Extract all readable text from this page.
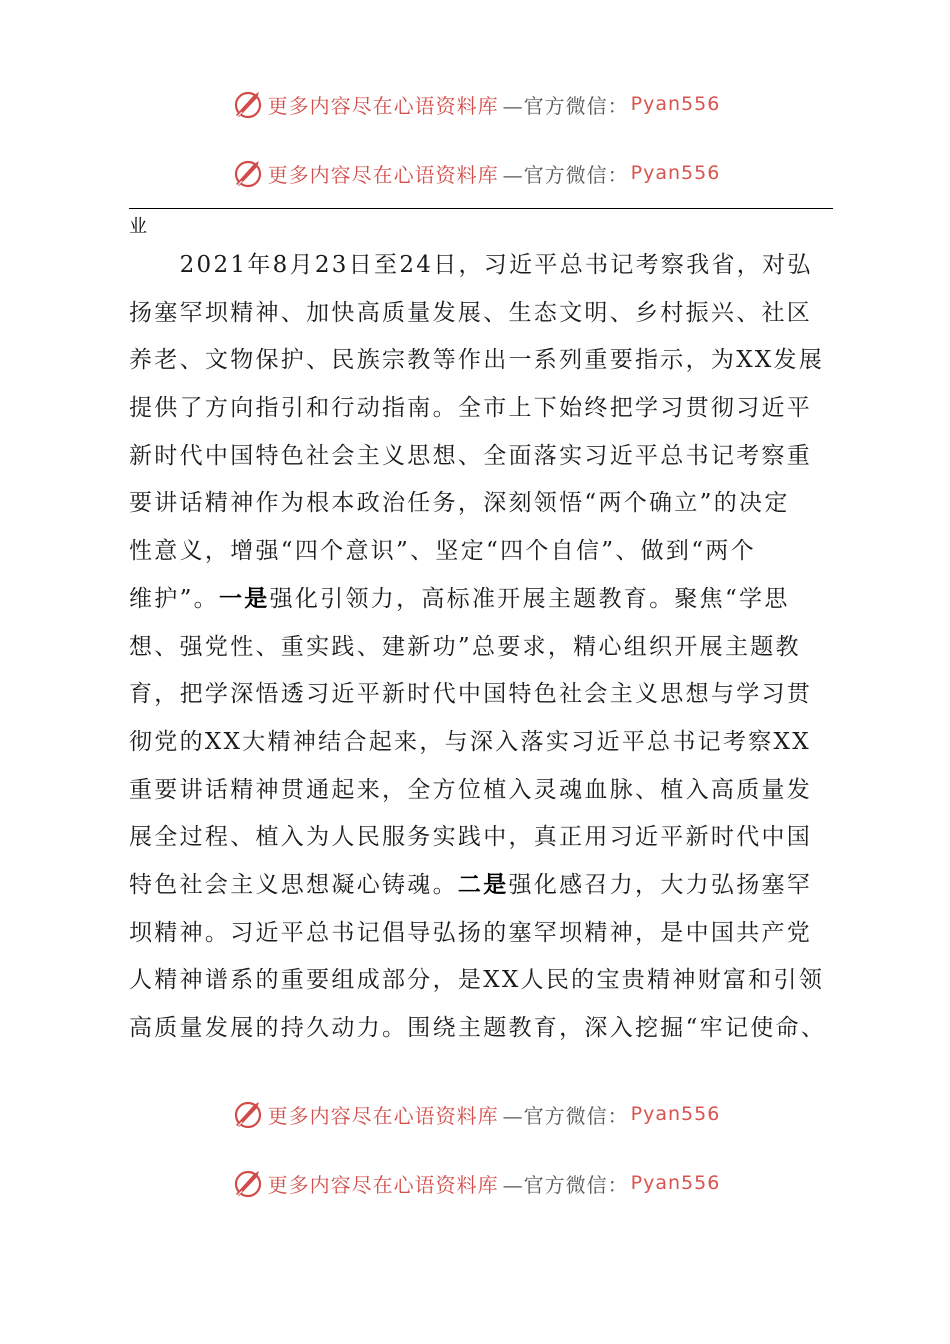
更多内容尽在心语资料库 —官方微信： Pyan556
更多内容尽在心语资料库 —官方微信： Pyan556
业
　　2021年8月23日至24日，习近平总书记考察我省，对弘
扬塞罕坝精神、加快高质量发展、生态文明、乡村振兴、社区
养老、文物保护、民族宗教等作出一系列重要指示，为XX发展
提供了方向指引和行动指南。全市上下始终把学习贯彻习近平
新时代中国特色社会主义思想、全面落实习近平总书记考察重
要讲话精神作为根本政治任务，深刻领悟“两个确立”的决定
性意义，增强“四个意识”、坚定“四个自信”、做到“两个
维护”。一是强化引领力，高标准开展主题教育。聚焦“学思
想、强党性、重实践、建新功”总要求，精心组织开展主题教
育，把学深悟透习近平新时代中国特色社会主义思想与学习贯
彻党的XX大精神结合起来，与深入落实习近平总书记考察XX
重要讲话精神贯通起来，全方位植入灵魂血脉、植入高质量发
展全过程、植入为人民服务实践中，真正用习近平新时代中国
特色社会主义思想凝心铸魂。二是强化感召力，大力弘扬塞罕
坝精神。习近平总书记倡导弘扬的塞罕坝精神，是中国共产党
人精神谱系的重要组成部分，是XX人民的宝贵精神财富和引领
高质量发展的持久动力。围绕主题教育，深入挖掘“牢记使命、
更多内容尽在心语资料库 —官方微信： Pyan556
更多内容尽在心语资料库 —官方微信： Pyan556
